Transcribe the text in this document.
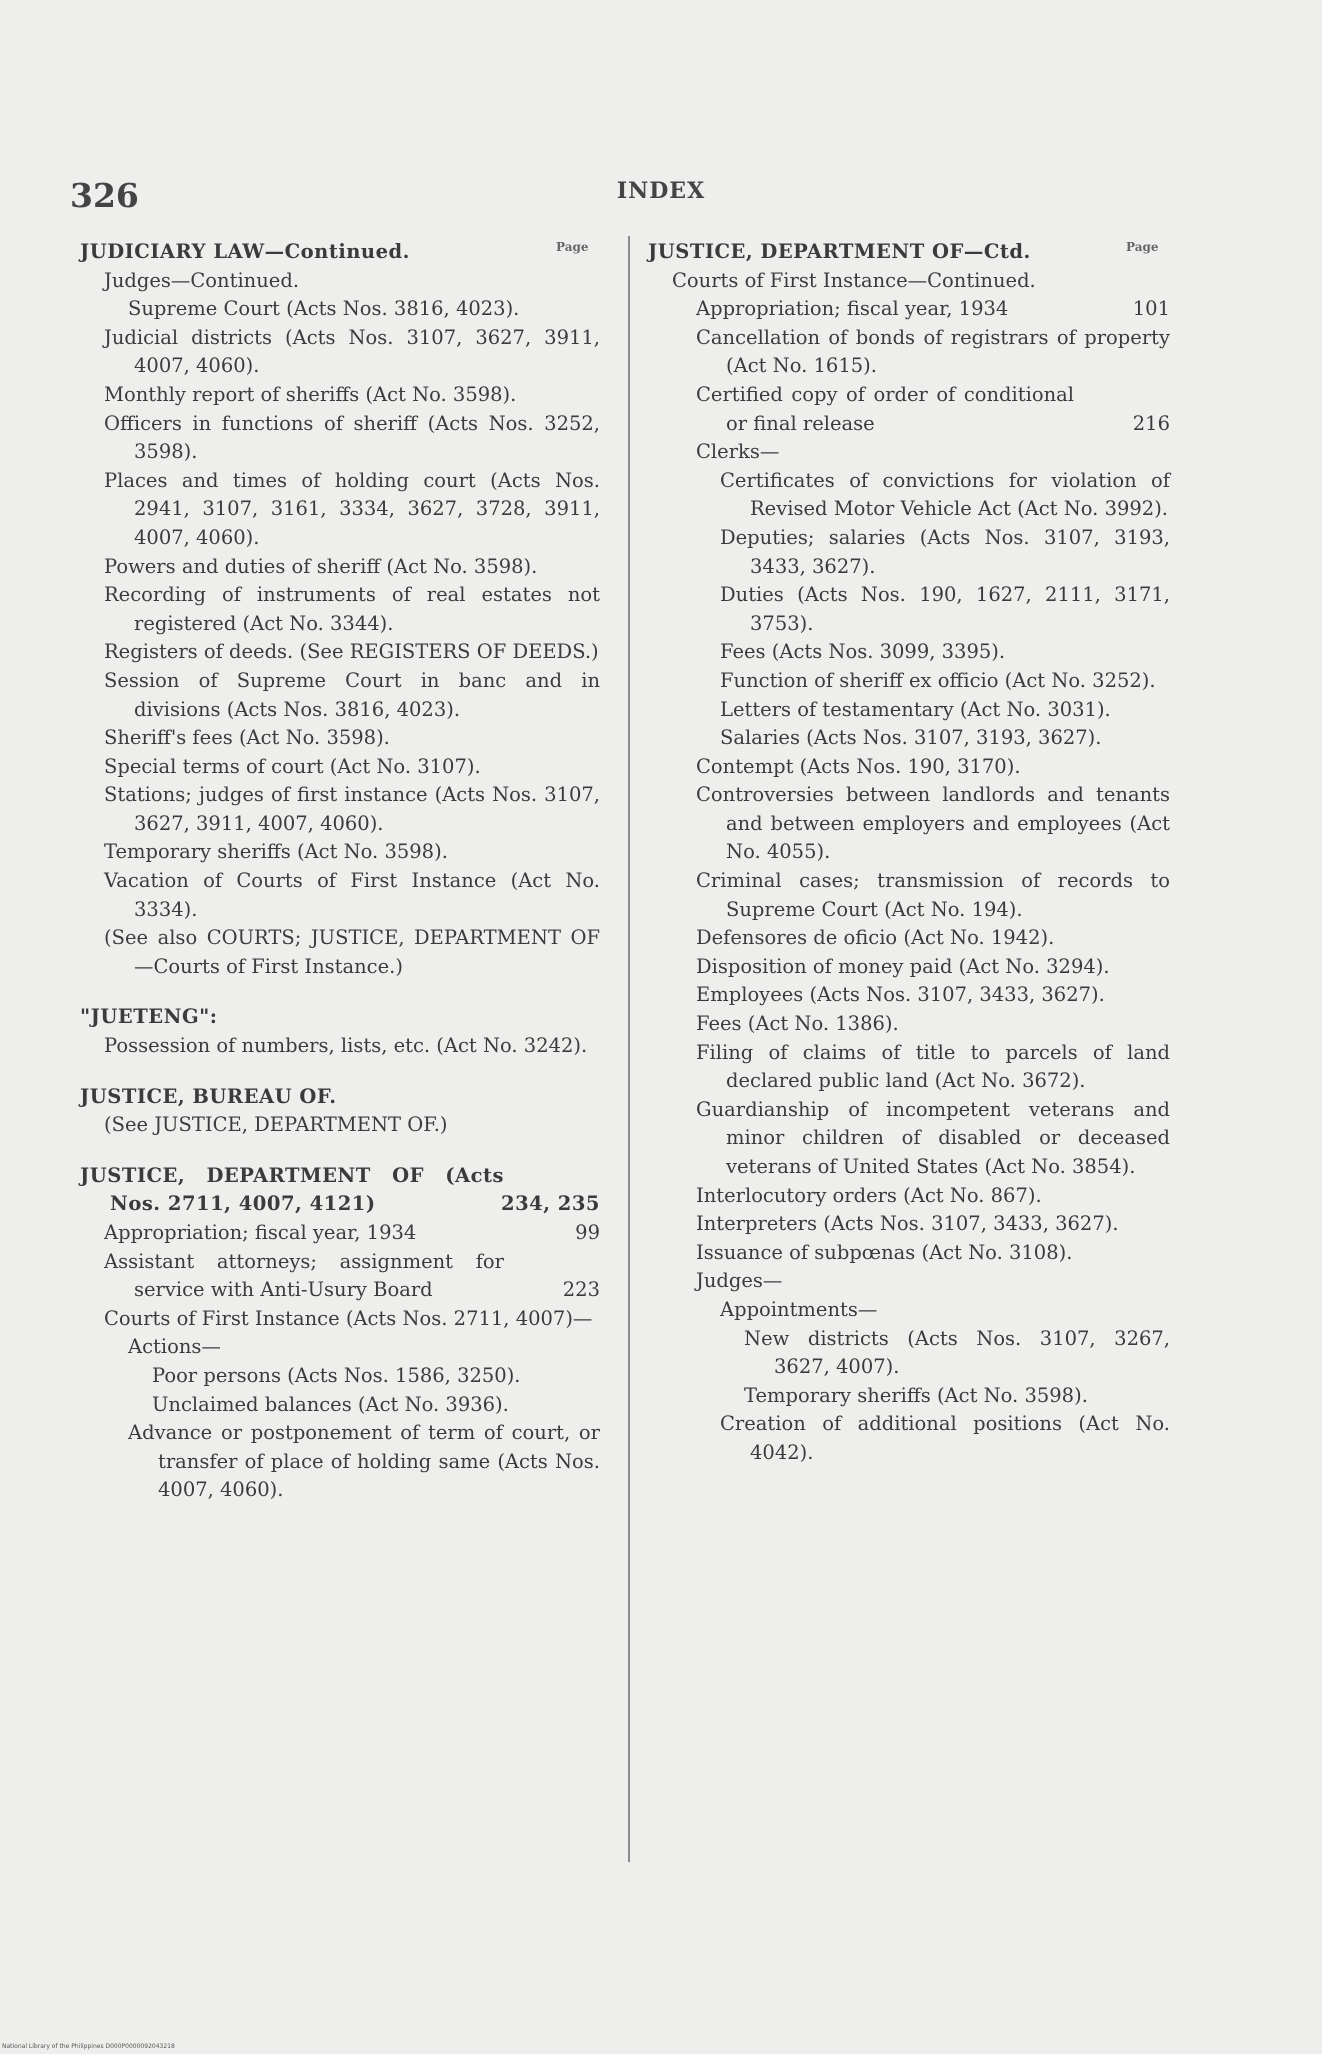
326	INDEX
Page	Page
JUDICIARY LAW—Continued.
Judges—Continued.
Supreme Court (Acts Nos. 3816, 4023).
Judicial districts (Acts Nos. 3107, 3627, 3911, 4007, 4060).
Monthly report of sheriffs (Act No. 3598).
Officers in functions of sheriff (Acts Nos. 3252, 3598).
Places and times of holding court (Acts Nos. 2941, 3107, 3161, 3334, 3627, 3728, 3911, 4007, 4060).
Powers and duties of sheriff (Act No. 3598).
Recording of instruments of real estates not registered (Act No. 3344).
Registers of deeds. (See REGISTERS OF DEEDS.)
Session of Supreme Court in banc and in divisions (Acts Nos. 3816, 4023).
Sheriff's fees (Act No. 3598).
Special terms of court (Act No. 3107).
Stations; judges of first instance (Acts Nos. 3107, 3627, 3911, 4007, 4060).
Temporary sheriffs (Act No. 3598).
Vacation of Courts of First Instance (Act No. 3334).
(See also COURTS; JUSTICE, DEPARTMENT OF—Courts of First Instance.)
"JUETENG":
Possession of numbers, lists, etc. (Act No. 3242).
JUSTICE, BUREAU OF.
(See JUSTICE, DEPARTMENT OF.)
JUSTICE, DEPARTMENT OF (Acts Nos. 2711, 4007, 4121)	234, 235
Appropriation; fiscal year, 1934	99
Assistant attorneys; assignment for service with Anti-Usury Board	223
Courts of First Instance (Acts Nos. 2711, 4007)—
Actions—
Poor persons (Acts Nos. 1586, 3250).
Unclaimed balances (Act No. 3936).
Advance or postponement of term of court, or transfer of place of holding same (Acts Nos. 4007, 4060).
JUSTICE, DEPARTMENT OF—Ctd.
Courts of First Instance—Continued.
Appropriation; fiscal year, 1934	101
Cancellation of bonds of registrars of property (Act No. 1615).
Certified copy of order of conditional or final release	216
Clerks—
Certificates of convictions for violation of Revised Motor Vehicle Act (Act No. 3992).
Deputies; salaries (Acts Nos. 3107, 3193, 3433, 3627).
Duties (Acts Nos. 190, 1627, 2111, 3171, 3753).
Fees (Acts Nos. 3099, 3395).
Function of sheriff ex officio (Act No. 3252).
Letters of testamentary (Act No. 3031).
Salaries (Acts Nos. 3107, 3193, 3627).
Contempt (Acts Nos. 190, 3170).
Controversies between landlords and tenants and between employers and employees (Act No. 4055).
Criminal cases; transmission of records to Supreme Court (Act No. 194).
Defensores de oficio (Act No. 1942).
Disposition of money paid (Act No. 3294).
Employees (Acts Nos. 3107, 3433, 3627).
Fees (Act No. 1386).
Filing of claims of title to parcels of land declared public land (Act No. 3672).
Guardianship of incompetent veterans and minor children of disabled or deceased veterans of United States (Act No. 3854).
Interlocutory orders (Act No. 867).
Interpreters (Acts Nos. 3107, 3433, 3627).
Issuance of subpœnas (Act No. 3108).
Judges—
Appointments—
New districts (Acts Nos. 3107, 3267, 3627, 4007).
Temporary sheriffs (Act No. 3598).
Creation of additional positions (Act No. 4042).
National Library of the Philippines D000P0000092043218
